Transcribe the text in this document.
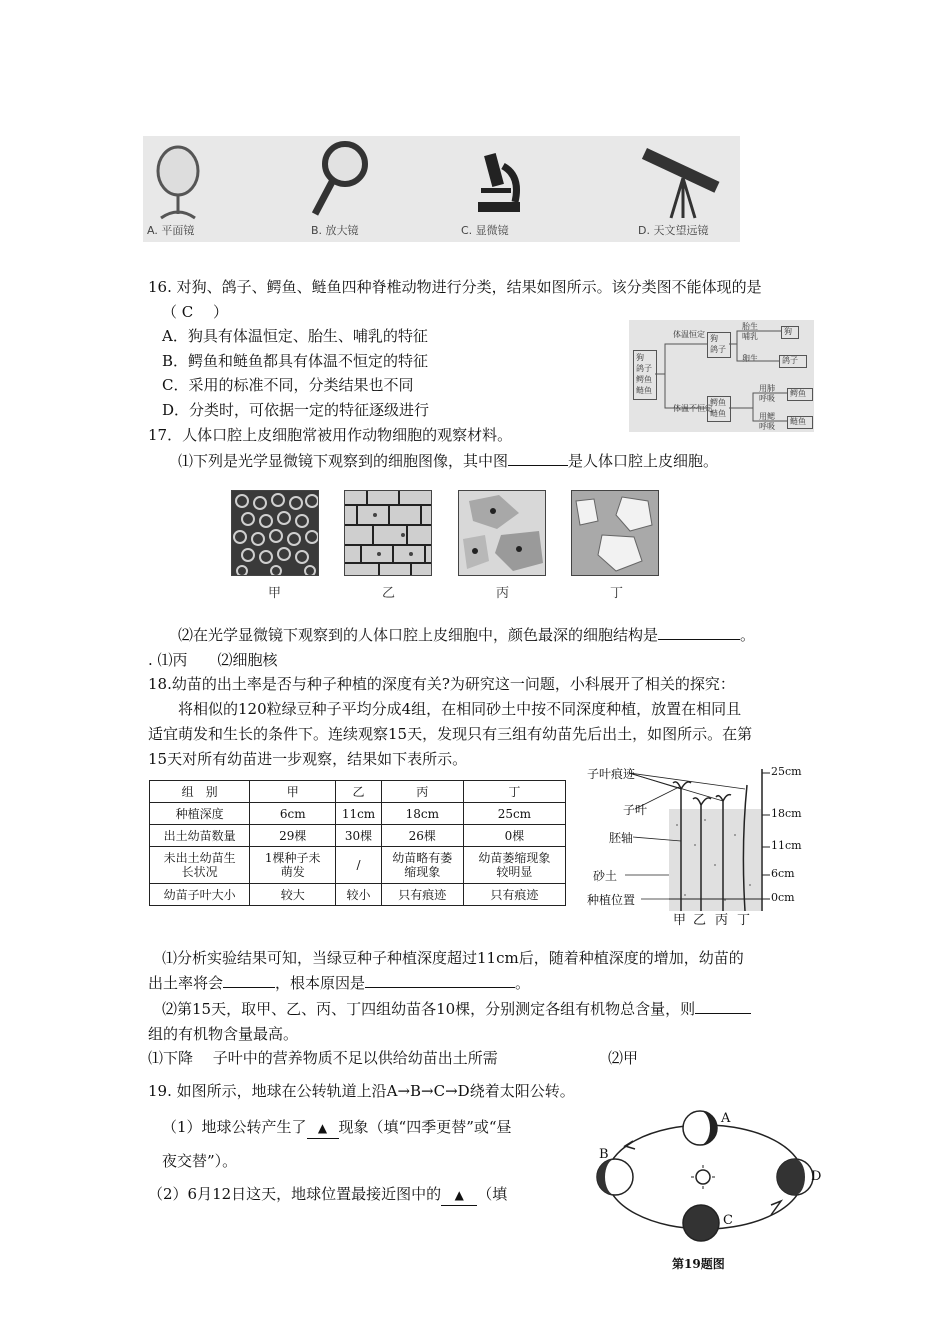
A. 平面镜	B. 放大镜	C. 显微镜	D. 天文望远镜
16. 对狗、鸽子、鳄鱼、鲢鱼四种脊椎动物进行分类，结果如图所示。该分类图不能体现的是
（ C　 ）
A．狗具有体温恒定、胎生、哺乳的特征
B．鳄鱼和鲢鱼都具有体温不恒定的特征
C．采用的标准不同，分类结果也不同
D．分类时，可依据一定的特征逐级进行
狗
鸽子
鳄鱼
鲢鱼
体温恒定
体温不恒定
狗
鸽子
鳄鱼
鲢鱼
胎生
哺乳
卵生
用肺
呼吸
用鳃
呼吸
狗
鸽子
鳄鱼
鲢鱼
17．人体口腔上皮细胞常被用作动物细胞的观察材料。
⑴下列是光学显微镜下观察到的细胞图像，其中图	是人体口腔上皮细胞。
甲	乙	丙	丁
⑵在光学显微镜下观察到的人体口腔上皮细胞中，颜色最深的细胞结构是	。
. ⑴丙　　⑵细胞核
18.幼苗的出土率是否与种子种植的深度有关?为研究这一问题，小科展开了相关的探究：
将相似的120粒绿豆种子平均分成4组，在相同砂土中按不同深度种植，放置在相同且
适宜萌发和生长的条件下。连续观察15天，发现只有三组有幼苗先后出土，如图所示。在第
15天对所有幼苗进一步观察，结果如下表所示。
组　别	甲	乙	丙	丁
种植深度	6cm	11cm	18cm	25cm
出土幼苗数量	29棵	30棵	26棵	0棵
未出土幼苗生长状况	1棵种子未萌发	/	幼苗略有萎缩现象	幼苗萎缩现象较明显
幼苗子叶大小	较大	较小	只有痕迹	只有痕迹
子叶痕迹
子叶
胚轴
砂土
种植位置
25cm
18cm
11cm
6cm
0cm
甲 乙 丙 丁
⑴分析实验结果可知，当绿豆种子种植深度超过11cm后，随着种植深度的增加，幼苗的
出土率将会	，根本原因是	。
⑵第15天，取甲、乙、丙、丁四组幼苗各10棵，分别测定各组有机物总含量，则
组的有机物含量最高。
⑴下降　 子叶中的营养物质不足以供给幼苗出土所需	⑵甲
19. 如图所示，地球在公转轨道上沿A→B→C→D绕着太阳公转。
（1）地球公转产生了 ▲ 现象（填“四季更替”或“昼
夜交替”）。
（2）6月12日这天，地球位置最接近图中的 ▲ （填
A
B
C
D
第19题图
